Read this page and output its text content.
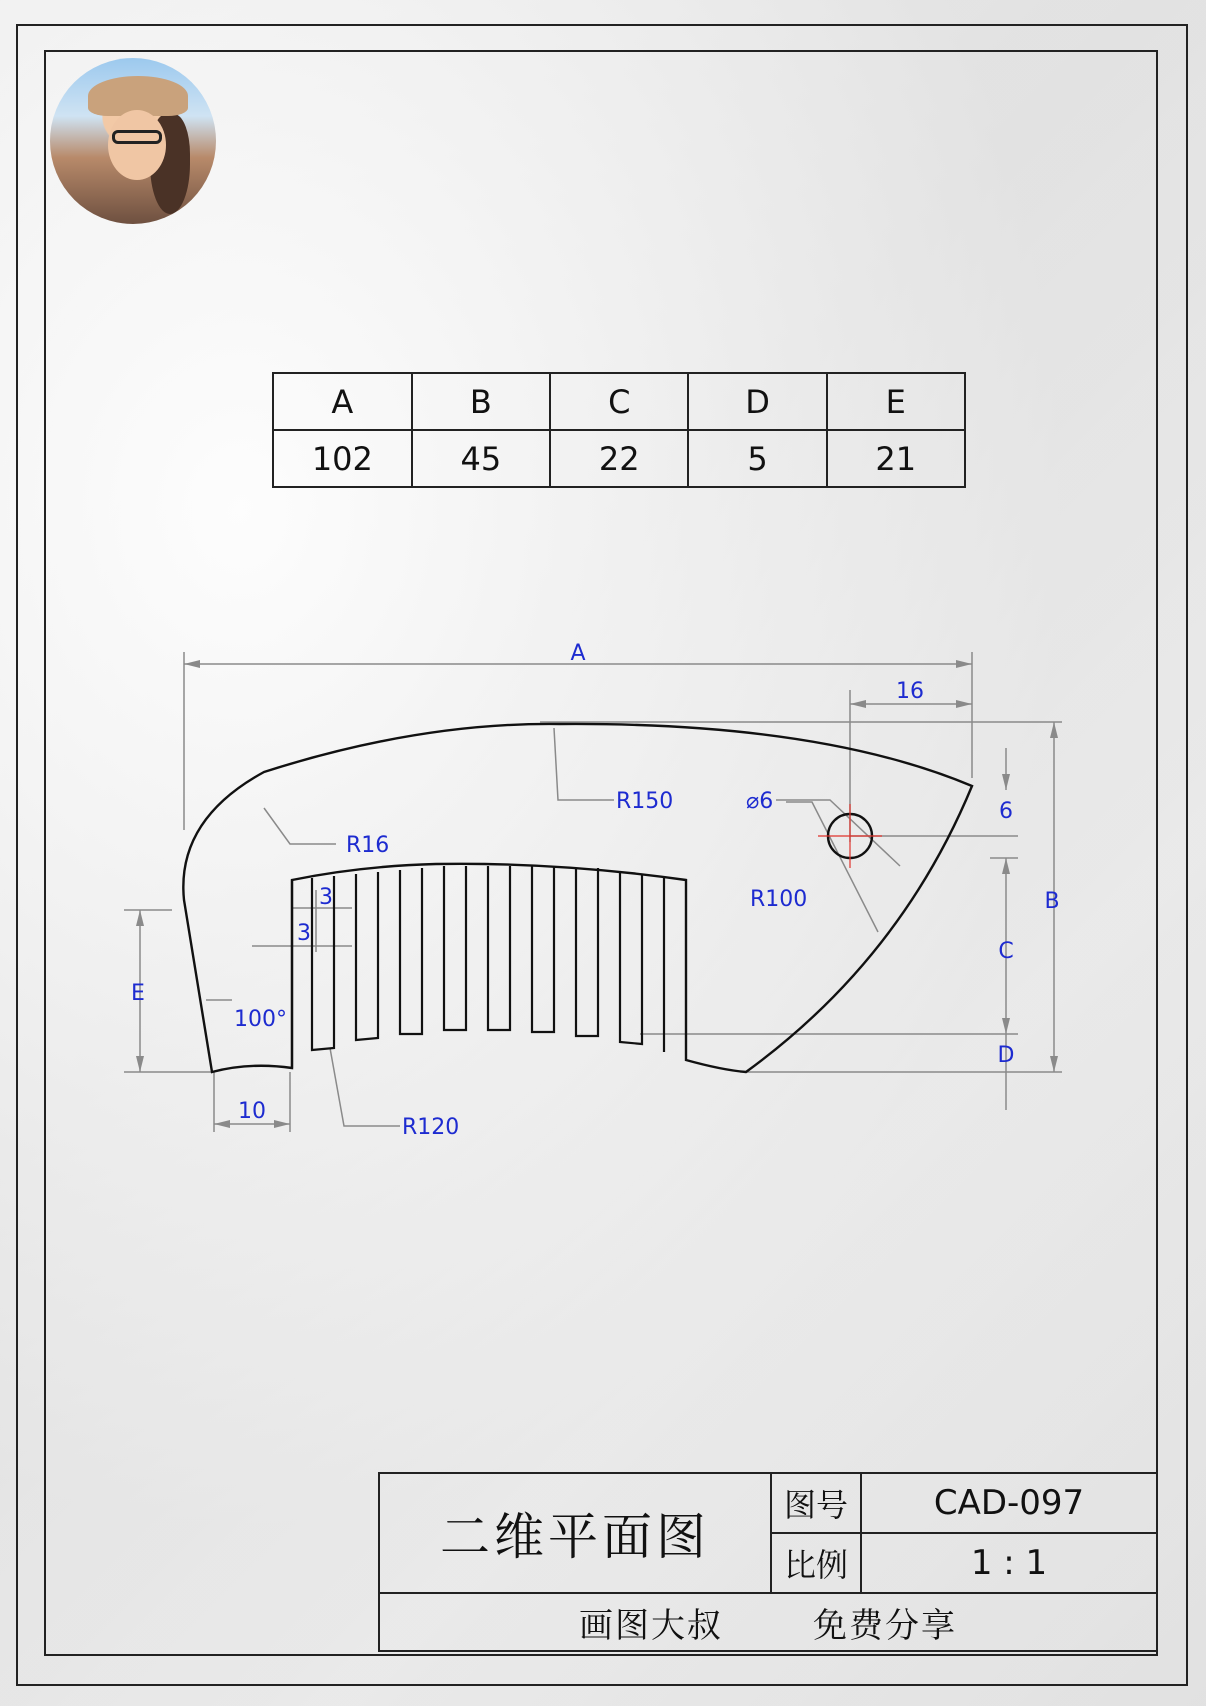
A	B	C	D	E
102	45	22	5	21
A
16
R150	⌀6	6
R16
R100	B
3
3
C
E
100°
D
10
R120
二维平面图
图号	CAD-097
比例	1 : 1
画图大叔	免费分享
